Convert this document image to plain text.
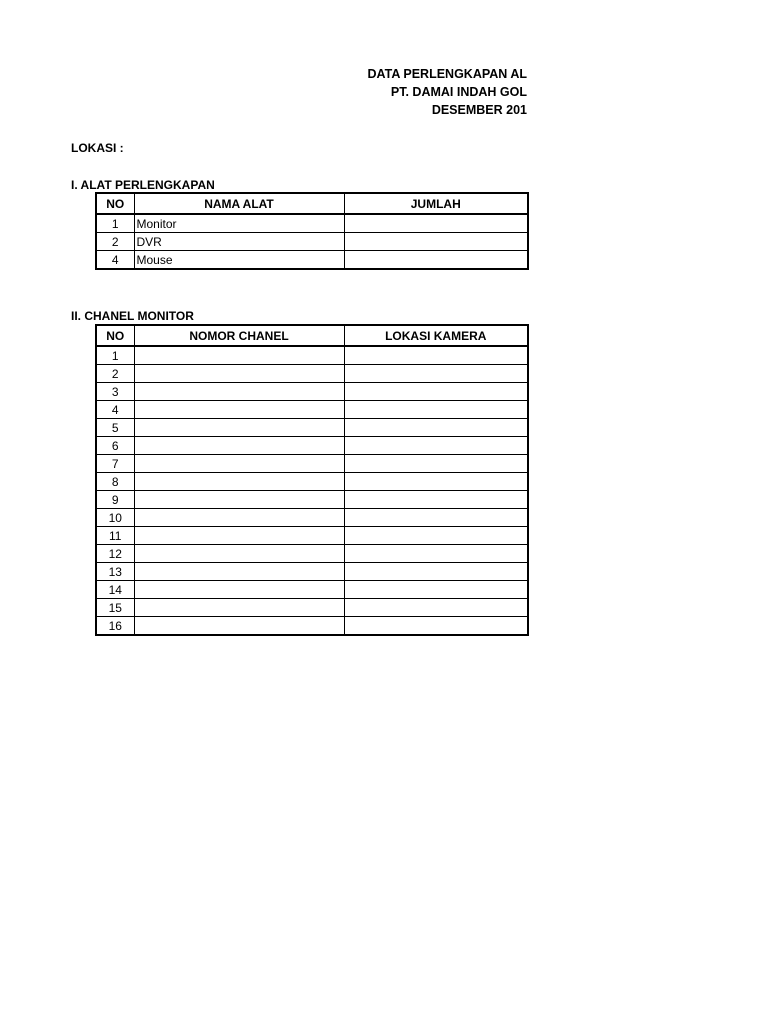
DATA PERLENGKAPAN AL
PT. DAMAI INDAH GOL
DESEMBER 201
LOKASI :
I. ALAT PERLENGKAPAN
NO	NAMA ALAT	JUMLAH
1	Monitor	
2	DVR	
4	Mouse	
II. CHANEL MONITOR
NO	NOMOR CHANEL	LOKASI KAMERA
1		
2		
3		
4		
5		
6		
7		
8		
9		
10		
11		
12		
13		
14		
15		
16		
